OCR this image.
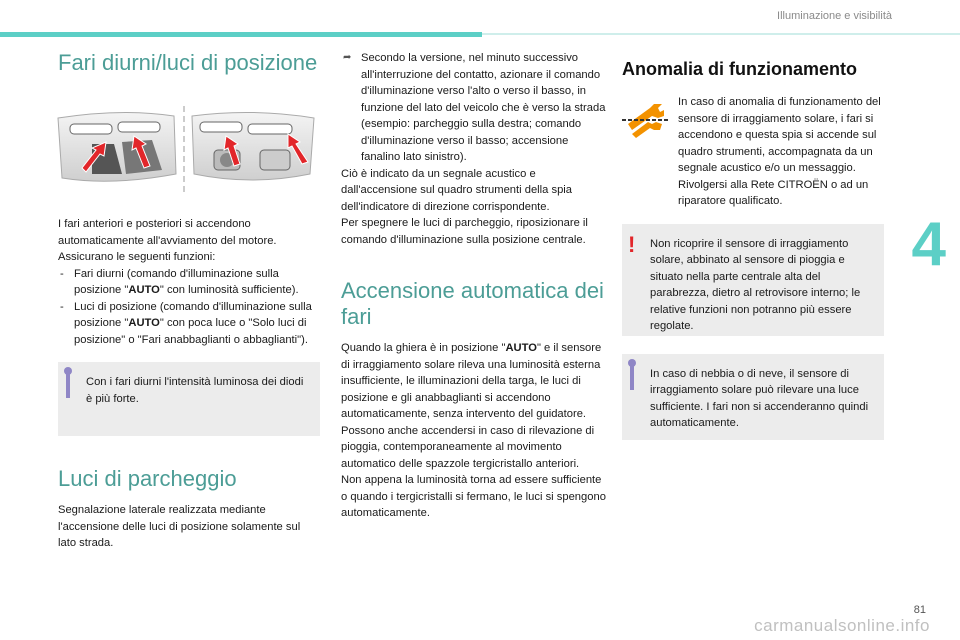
Illuminazione e visibilità
4
Fari diurni/luci di posizione

I fari anteriori e posteriori si accendono automaticamente all'avviamento del motore. Assicurano le seguenti funzioni:

- Fari diurni (comando d'illuminazione sulla posizione "AUTO" con luminosità sufficiente).
- Luci di posizione (comando d'illuminazione sulla posizione "AUTO" con poca luce o "Solo luci di posizione" o "Fari anabbaglianti o abbaglianti").
Con i fari diurni l'intensità luminosa dei diodi è più forte.
Luci di parcheggio

Segnalazione laterale realizzata mediante l'accensione delle luci di posizione solamente sul lato strada.

➦ Secondo la versione, nel minuto successivo all'interruzione del contatto, azionare il comando d'illuminazione verso l'alto o verso il basso, in funzione del lato del veicolo che è verso la strada (esempio: parcheggio sulla destra; comando d'illuminazione verso il basso; accensione fanalino lato sinistro).

Ciò è indicato da un segnale acustico e dall'accensione sul quadro strumenti della spia dell'indicatore di direzione corrispondente.

Per spegnere le luci di parcheggio, riposizionare il comando d'illuminazione sulla posizione centrale.

Accensione automatica dei fari

Quando la ghiera è in posizione "AUTO" e il sensore di irraggiamento solare rileva una luminosità esterna insufficiente, le illuminazioni della targa, le luci di posizione e gli anabbaglianti si accendono automaticamente, senza intervento del guidatore. Possono anche accendersi in caso di rilevazione di pioggia, contemporaneamente al movimento automatico delle spazzole tergicristallo anteriori.

Non appena la luminosità torna ad essere sufficiente o quando i tergicristalli si fermano, le luci si spengono automaticamente.

Anomalia di funzionamento
In caso di anomalia di funzionamento del sensore di irraggiamento solare, i fari si accendono e questa spia si accende sul quadro strumenti, accompagnata da un segnale acustico e/o un messaggio. Rivolgersi alla Rete CITROËN o ad un riparatore qualificato.
! Non ricoprire il sensore di irraggiamento solare, abbinato al sensore di pioggia e situato nella parte centrale alta del parabrezza, dietro al retrovisore interno; le relative funzioni non potranno più essere regolate.
In caso di nebbia o di neve, il sensore di irraggiamento solare può rilevare una luce sufficiente. I fari non si accenderanno quindi automaticamente.
carmanualsonline.info
81
